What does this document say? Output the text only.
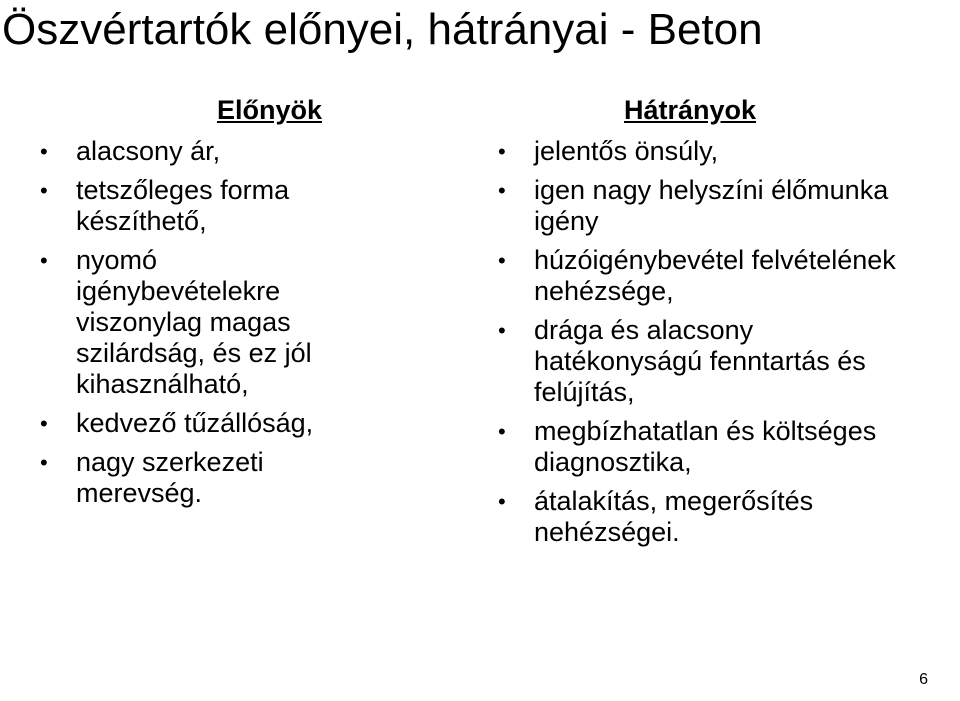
Öszvértartók előnyei, hátrányai - Beton
Előnyök
• alacsony ár,
• tetszőleges forma készíthető,
• nyomó igénybevételekre viszonylag magas szilárdság, és ez jól kihasználható,
• kedvező tűzállóság,
• nagy szerkezeti merevség.
Hátrányok
• jelentős önsúly,
• igen nagy helyszíni élőmunka igény
• húzóigénybevétel felvételének nehézsége,
• drága és alacsony hatékonyságú fenntartás és felújítás,
• megbízhatatlan és költséges diagnosztika,
• átalakítás, megerősítés nehézségei.
6
